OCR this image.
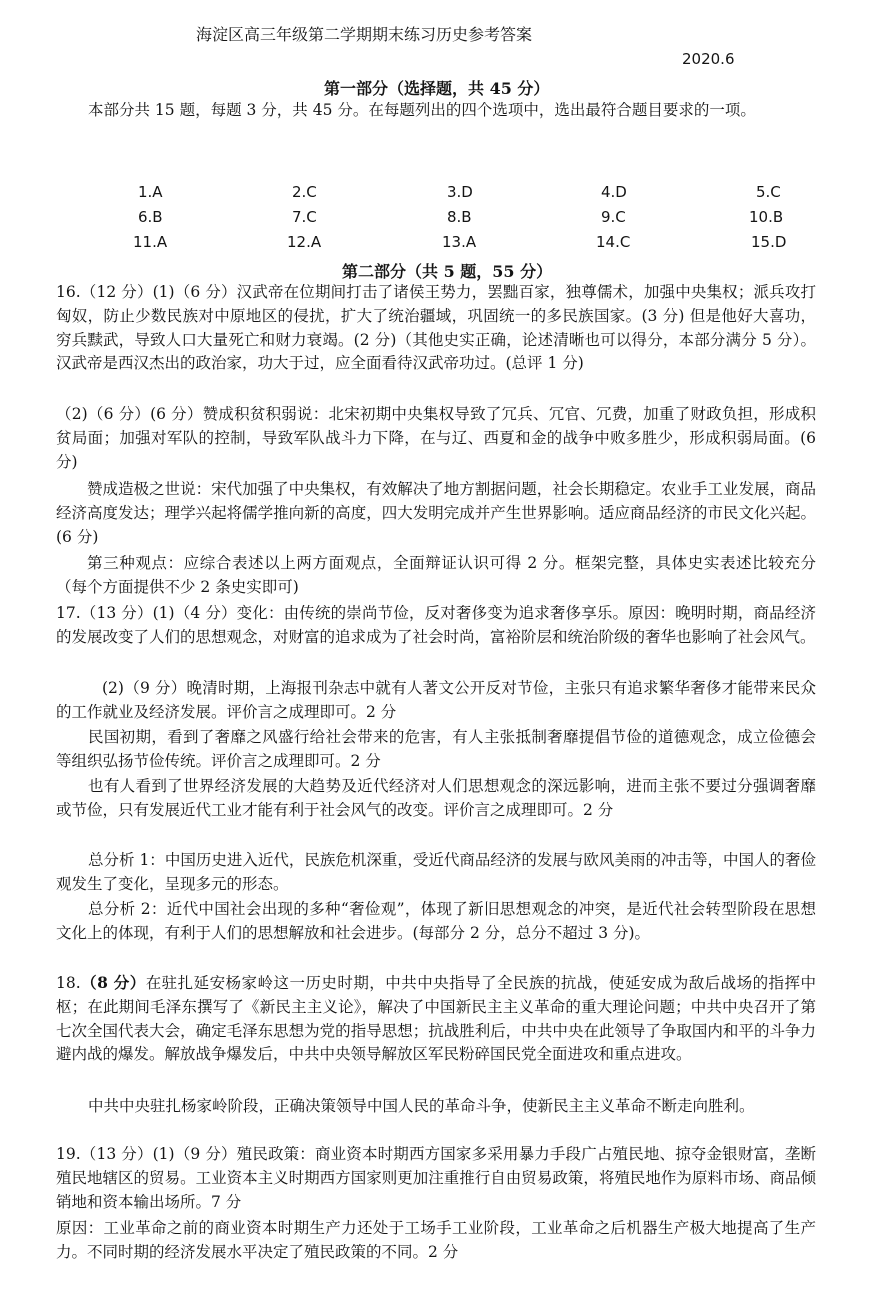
海淀区高三年级第二学期期末练习历史参考答案
2020.6
第一部分（选择题，共 45 分）

本部分共 15 题，每题 3 分，共 45 分。在每题列出的四个选项中，选出最符合题目要求的一项。

1.A	2.C	3.D	4.D	5.C
6.B	7.C	8.B	9.C	10.B
11.A	12.A	13.A	14.C	15.D
第二部分（共 5 题，55 分）

16.（12 分）(1)（6 分）汉武帝在位期间打击了诸侯王势力，罢黜百家，独尊儒术，加强中央集权；派兵攻打匈奴，防止少数民族对中原地区的侵扰，扩大了统治疆域，巩固统一的多民族国家。(3 分) 但是他好大喜功，穷兵黩武，导致人口大量死亡和财力衰竭。(2 分)（其他史实正确，论述清晰也可以得分，本部分满分 5 分）。汉武帝是西汉杰出的政治家，功大于过，应全面看待汉武帝功过。(总评 1 分)

（2)（6 分）(6 分）赞成积贫积弱说：北宋初期中央集权导致了冗兵、冗官、冗费，加重了财政负担，形成积贫局面；加强对军队的控制，导致军队战斗力下降，在与辽、西夏和金的战争中败多胜少，形成积弱局面。(6 分)

赞成造极之世说：宋代加强了中央集权，有效解决了地方割据问题，社会长期稳定。农业手工业发展，商品经济高度发达；理学兴起将儒学推向新的高度，四大发明完成并产生世界影响。适应商品经济的市民文化兴起。(6 分)

第三种观点：应综合表述以上两方面观点，全面辩证认识可得 2 分。框架完整，具体史实表述比较充分（每个方面提供不少 2 条史实即可)

17.（13 分）(1)（4 分）变化：由传统的崇尚节俭，反对奢侈变为追求奢侈享乐。原因：晚明时期，商品经济的发展改变了人们的思想观念，对财富的追求成为了社会时尚，富裕阶层和统治阶级的奢华也影响了社会风气。

(2)（9 分）晚清时期，上海报刊杂志中就有人著文公开反对节俭，主张只有追求繁华奢侈才能带来民众的工作就业及经济发展。评价言之成理即可。2 分

民国初期，看到了奢靡之风盛行给社会带来的危害，有人主张抵制奢靡提倡节俭的道德观念，成立俭德会等组织弘扬节俭传统。评价言之成理即可。2 分

也有人看到了世界经济发展的大趋势及近代经济对人们思想观念的深远影响，进而主张不要过分强调奢靡或节俭，只有发展近代工业才能有利于社会风气的改变。评价言之成理即可。2 分

总分析 1：中国历史进入近代，民族危机深重，受近代商品经济的发展与欧风美雨的冲击等，中国人的奢俭观发生了变化，呈现多元的形态。

总分析 2：近代中国社会出现的多种“奢俭观”，体现了新旧思想观念的冲突，是近代社会转型阶段在思想文化上的体现，有利于人们的思想解放和社会进步。(每部分 2 分，总分不超过 3 分)。

18.（8 分）在驻扎延安杨家岭这一历史时期，中共中央指导了全民族的抗战，使延安成为敌后战场的指挥中枢；在此期间毛泽东撰写了《新民主主义论》，解决了中国新民主主义革命的重大理论问题；中共中央召开了第七次全国代表大会，确定毛泽东思想为党的指导思想；抗战胜利后，中共中央在此领导了争取国内和平的斗争力避内战的爆发。解放战争爆发后，中共中央领导解放区军民粉碎国民党全面进攻和重点进攻。

中共中央驻扎杨家岭阶段，正确决策领导中国人民的革命斗争，使新民主主义革命不断走向胜利。

19.（13 分）(1)（9 分）殖民政策：商业资本时期西方国家多采用暴力手段广占殖民地、掠夺金银财富，垄断殖民地辖区的贸易。工业资本主义时期西方国家则更加注重推行自由贸易政策，将殖民地作为原料市场、商品倾销地和资本输出场所。7 分

原因：工业革命之前的商业资本时期生产力还处于工场手工业阶段，工业革命之后机器生产极大地提高了生产力。不同时期的经济发展水平决定了殖民政策的不同。2 分
